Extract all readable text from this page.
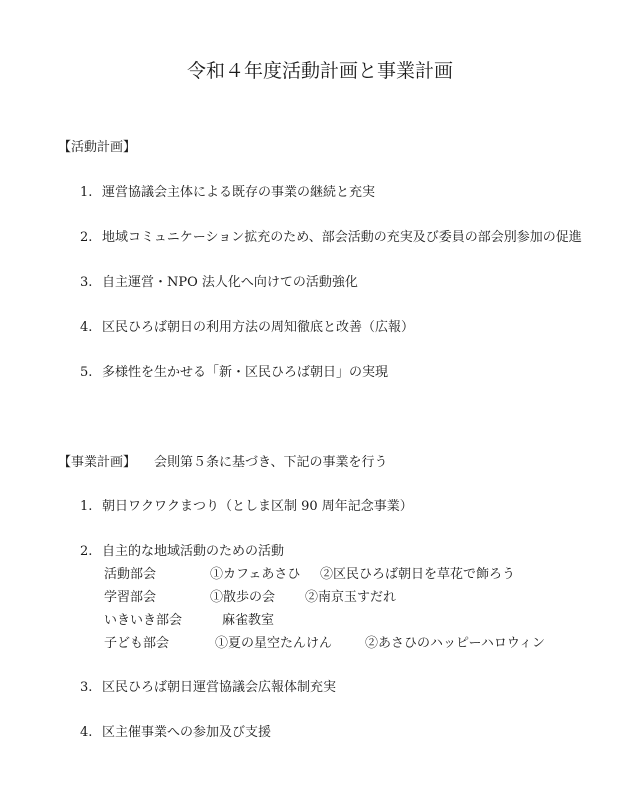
令和４年度活動計画と事業計画
【活動計画】
1. 運営協議会主体による既存の事業の継続と充実
2. 地域コミュニケーション拡充のため、部会活動の充実及び委員の部会別参加の促進
3. 自主運営・NPO 法人化へ向けての活動強化
4. 区民ひろば朝日の利用方法の周知徹底と改善（広報）
5. 多様性を生かせる「新・区民ひろば朝日」の実現
【事業計画】 会則第５条に基づき、下記の事業を行う
1. 朝日ワクワクまつり（としま区制 90 周年記念事業）
2. 自主的な地域活動のための活動
活動部会	①カフェあさひ ②区民ひろば朝日を草花で飾ろう
学習部会	①散歩の会 ②南京玉すだれ
いきいき部会	麻雀教室
子ども部会	①夏の星空たんけん	②あさひのハッピーハロウィン
3. 区民ひろば朝日運営協議会広報体制充実
4. 区主催事業への参加及び支援
